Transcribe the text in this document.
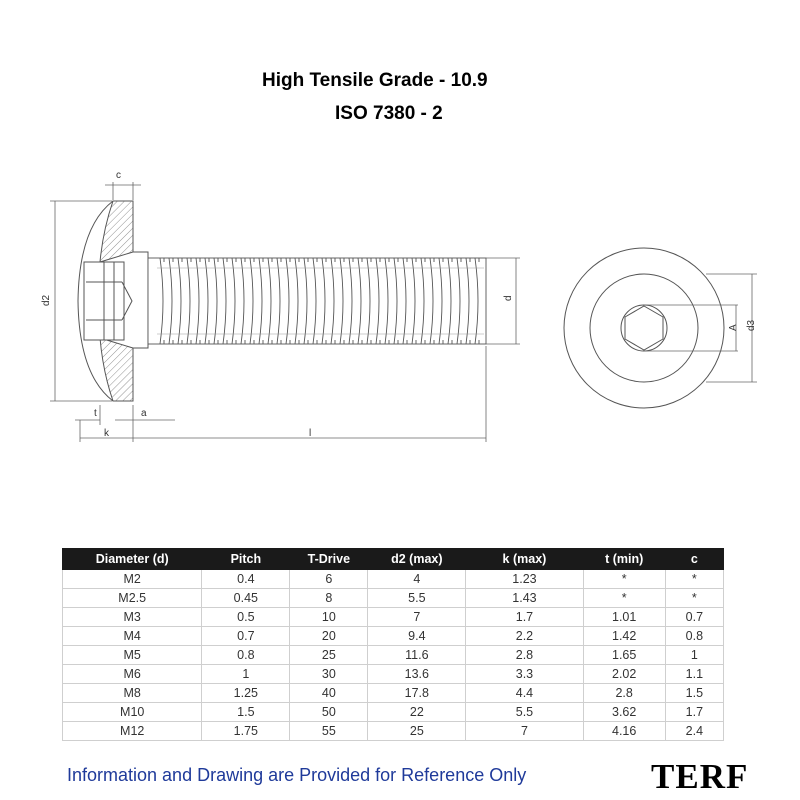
High Tensile Grade - 10.9
ISO 7380 - 2
c
d2
t	a
k	l
d
A d3
Diameter (d)	Pitch	T-Drive	d2 (max)	k (max)	t (min)	c
M2	0.4	6	4	1.23	*	*
M2.5	0.45	8	5.5	1.43	*	*
M3	0.5	10	7	1.7	1.01	0.7
M4	0.7	20	9.4	2.2	1.42	0.8
M5	0.8	25	11.6	2.8	1.65	1
M6	1	30	13.6	3.3	2.02	1.1
M8	1.25	40	17.8	4.4	2.8	1.5
M10	1.5	50	22	5.5	3.62	1.7
M12	1.75	55	25	7	4.16	2.4
Information and Drawing are Provided for Reference Only	TERF
